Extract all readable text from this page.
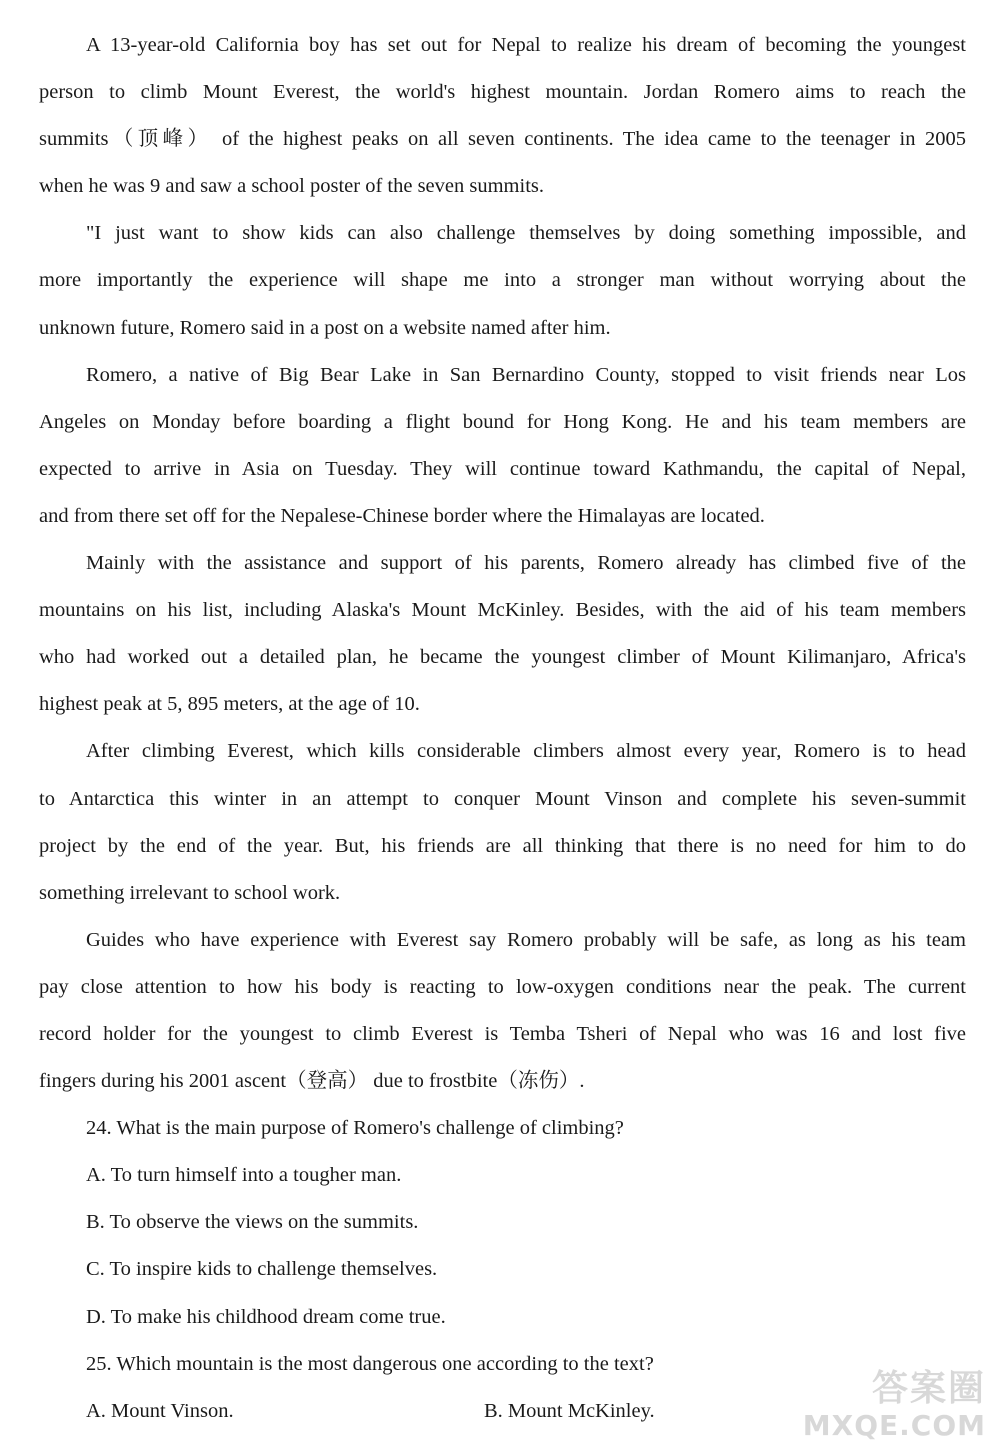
A 13-year-old California boy has set out for Nepal to realize his dream of becoming the youngest
person to climb Mount Everest, the world's highest mountain. Jordan Romero aims to reach the
summits（顶峰） of the highest peaks on all seven continents. The idea came to the teenager in 2005
when he was 9 and saw a school poster of the seven summits.
"I just want to show kids can also challenge themselves by doing something impossible, and
more importantly the experience will shape me into a stronger man without worrying about the
unknown future, Romero said in a post on a website named after him.
Romero, a native of Big Bear Lake in San Bernardino County, stopped to visit friends near Los
Angeles on Monday before boarding a flight bound for Hong Kong. He and his team members are
expected to arrive in Asia on Tuesday. They will continue toward Kathmandu, the capital of Nepal,
and from there set off for the Nepalese-Chinese border where the Himalayas are located.
Mainly with the assistance and support of his parents, Romero already has climbed five of the
mountains on his list, including Alaska's Mount McKinley. Besides, with the aid of his team members
who had worked out a detailed plan, he became the youngest climber of Mount Kilimanjaro, Africa's
highest peak at 5, 895 meters, at the age of 10.
After climbing Everest, which kills considerable climbers almost every year, Romero is to head
to Antarctica this winter in an attempt to conquer Mount Vinson and complete his seven-summit
project by the end of the year. But, his friends are all thinking that there is no need for him to do
something irrelevant to school work.
Guides who have experience with Everest say Romero probably will be safe, as long as his team
pay close attention to how his body is reacting to low-oxygen conditions near the peak. The current
record holder for the youngest to climb Everest is Temba Tsheri of Nepal who was 16 and lost five
fingers during his 2001 ascent（登高） due to frostbite（冻伤）.
24. What is the main purpose of Romero's challenge of climbing?
A. To turn himself into a tougher man.
B. To observe the views on the summits.
C. To inspire kids to challenge themselves.
D. To make his childhood dream come true.
25. Which mountain is the most dangerous one according to the text?
A. Mount Vinson.	B. Mount McKinley.
答案圈
MXQE.COM
